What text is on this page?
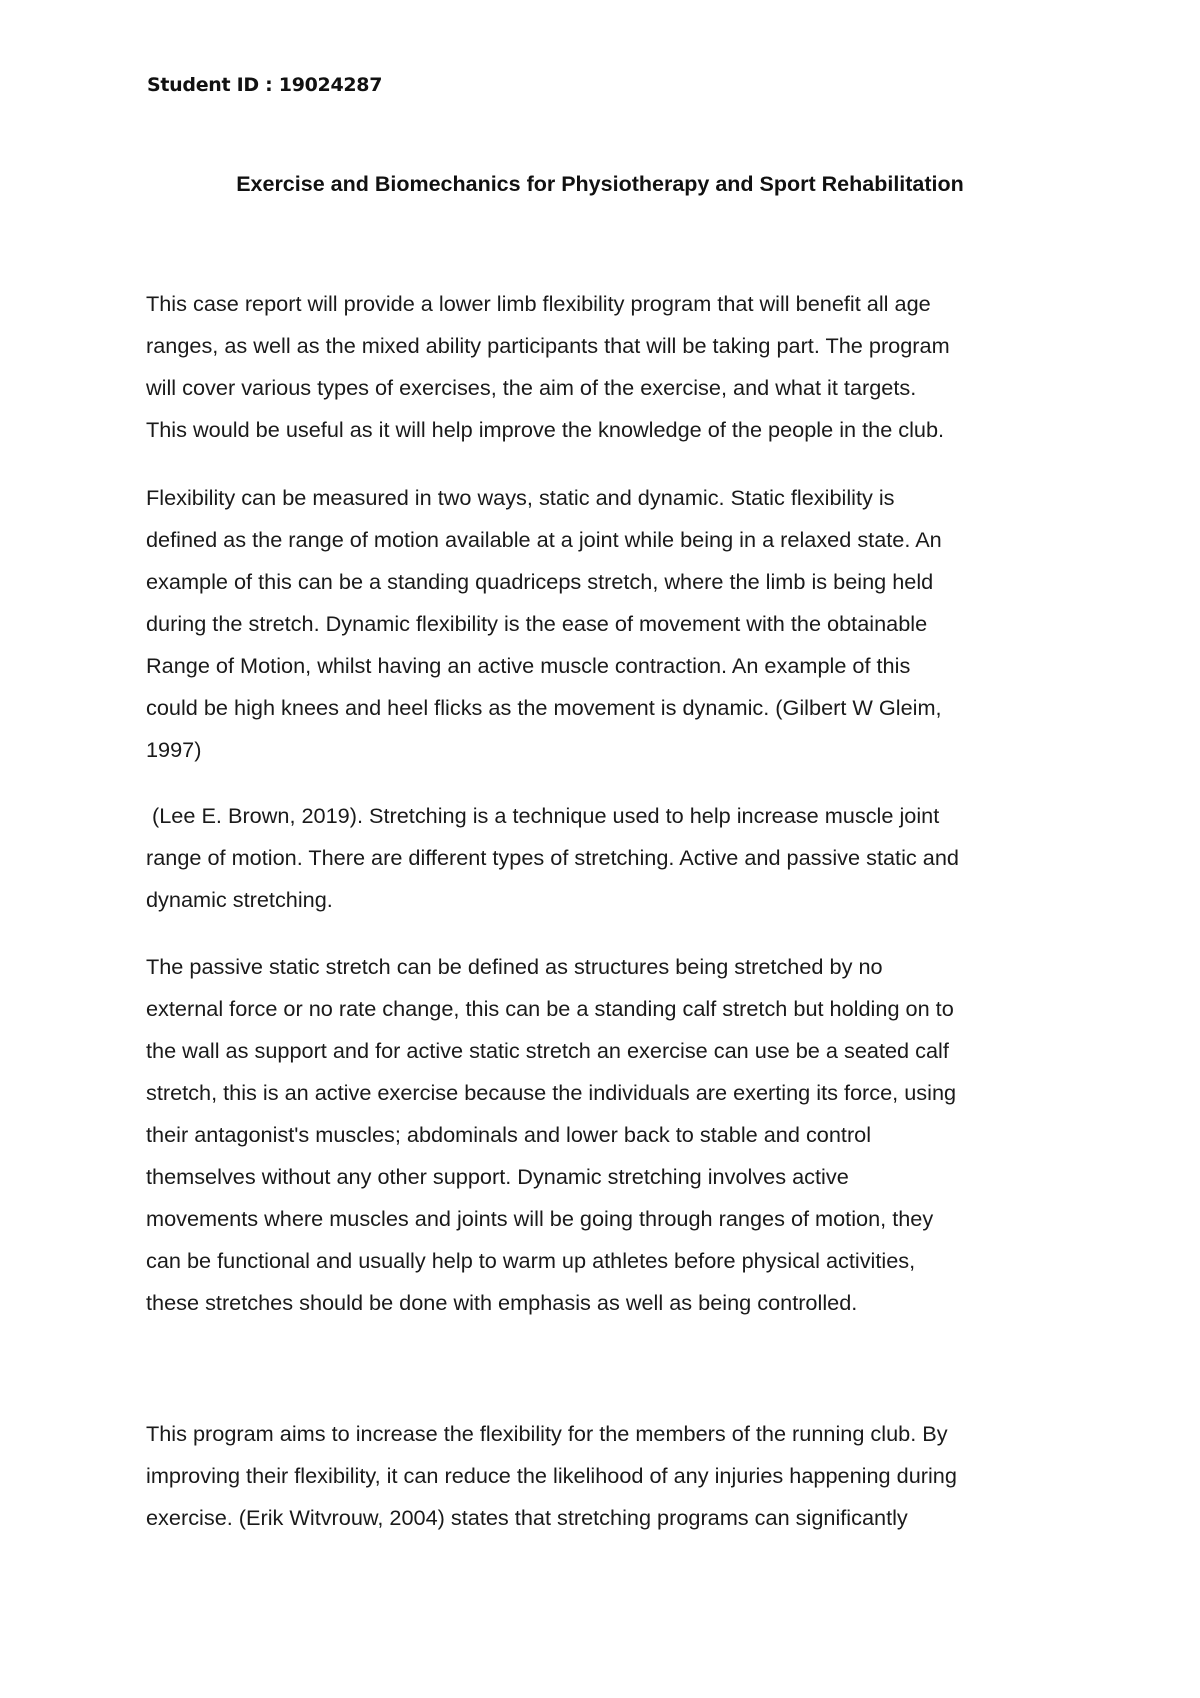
Student ID : 19024287
Exercise and Biomechanics for Physiotherapy and Sport Rehabilitation

This case report will provide a lower limb flexibility program that will benefit all age
ranges, as well as the mixed ability participants that will be taking part. The program
will cover various types of exercises, the aim of the exercise, and what it targets.
This would be useful as it will help improve the knowledge of the people in the club.

Flexibility can be measured in two ways, static and dynamic. Static flexibility is
defined as the range of motion available at a joint while being in a relaxed state. An
example of this can be a standing quadriceps stretch, where the limb is being held
during the stretch. Dynamic flexibility is the ease of movement with the obtainable
Range of Motion, whilst having an active muscle contraction. An example of this
could be high knees and heel flicks as the movement is dynamic. (Gilbert W Gleim,
1997)

(Lee E. Brown, 2019). Stretching is a technique used to help increase muscle joint
range of motion. There are different types of stretching. Active and passive static and
dynamic stretching.

The passive static stretch can be defined as structures being stretched by no
external force or no rate change, this can be a standing calf stretch but holding on to
the wall as support and for active static stretch an exercise can use be a seated calf
stretch, this is an active exercise because the individuals are exerting its force, using
their antagonist's muscles; abdominals and lower back to stable and control
themselves without any other support. Dynamic stretching involves active
movements where muscles and joints will be going through ranges of motion, they
can be functional and usually help to warm up athletes before physical activities,
these stretches should be done with emphasis as well as being controlled.

This program aims to increase the flexibility for the members of the running club. By
improving their flexibility, it can reduce the likelihood of any injuries happening during
exercise. (Erik Witvrouw, 2004) states that stretching programs can significantly
